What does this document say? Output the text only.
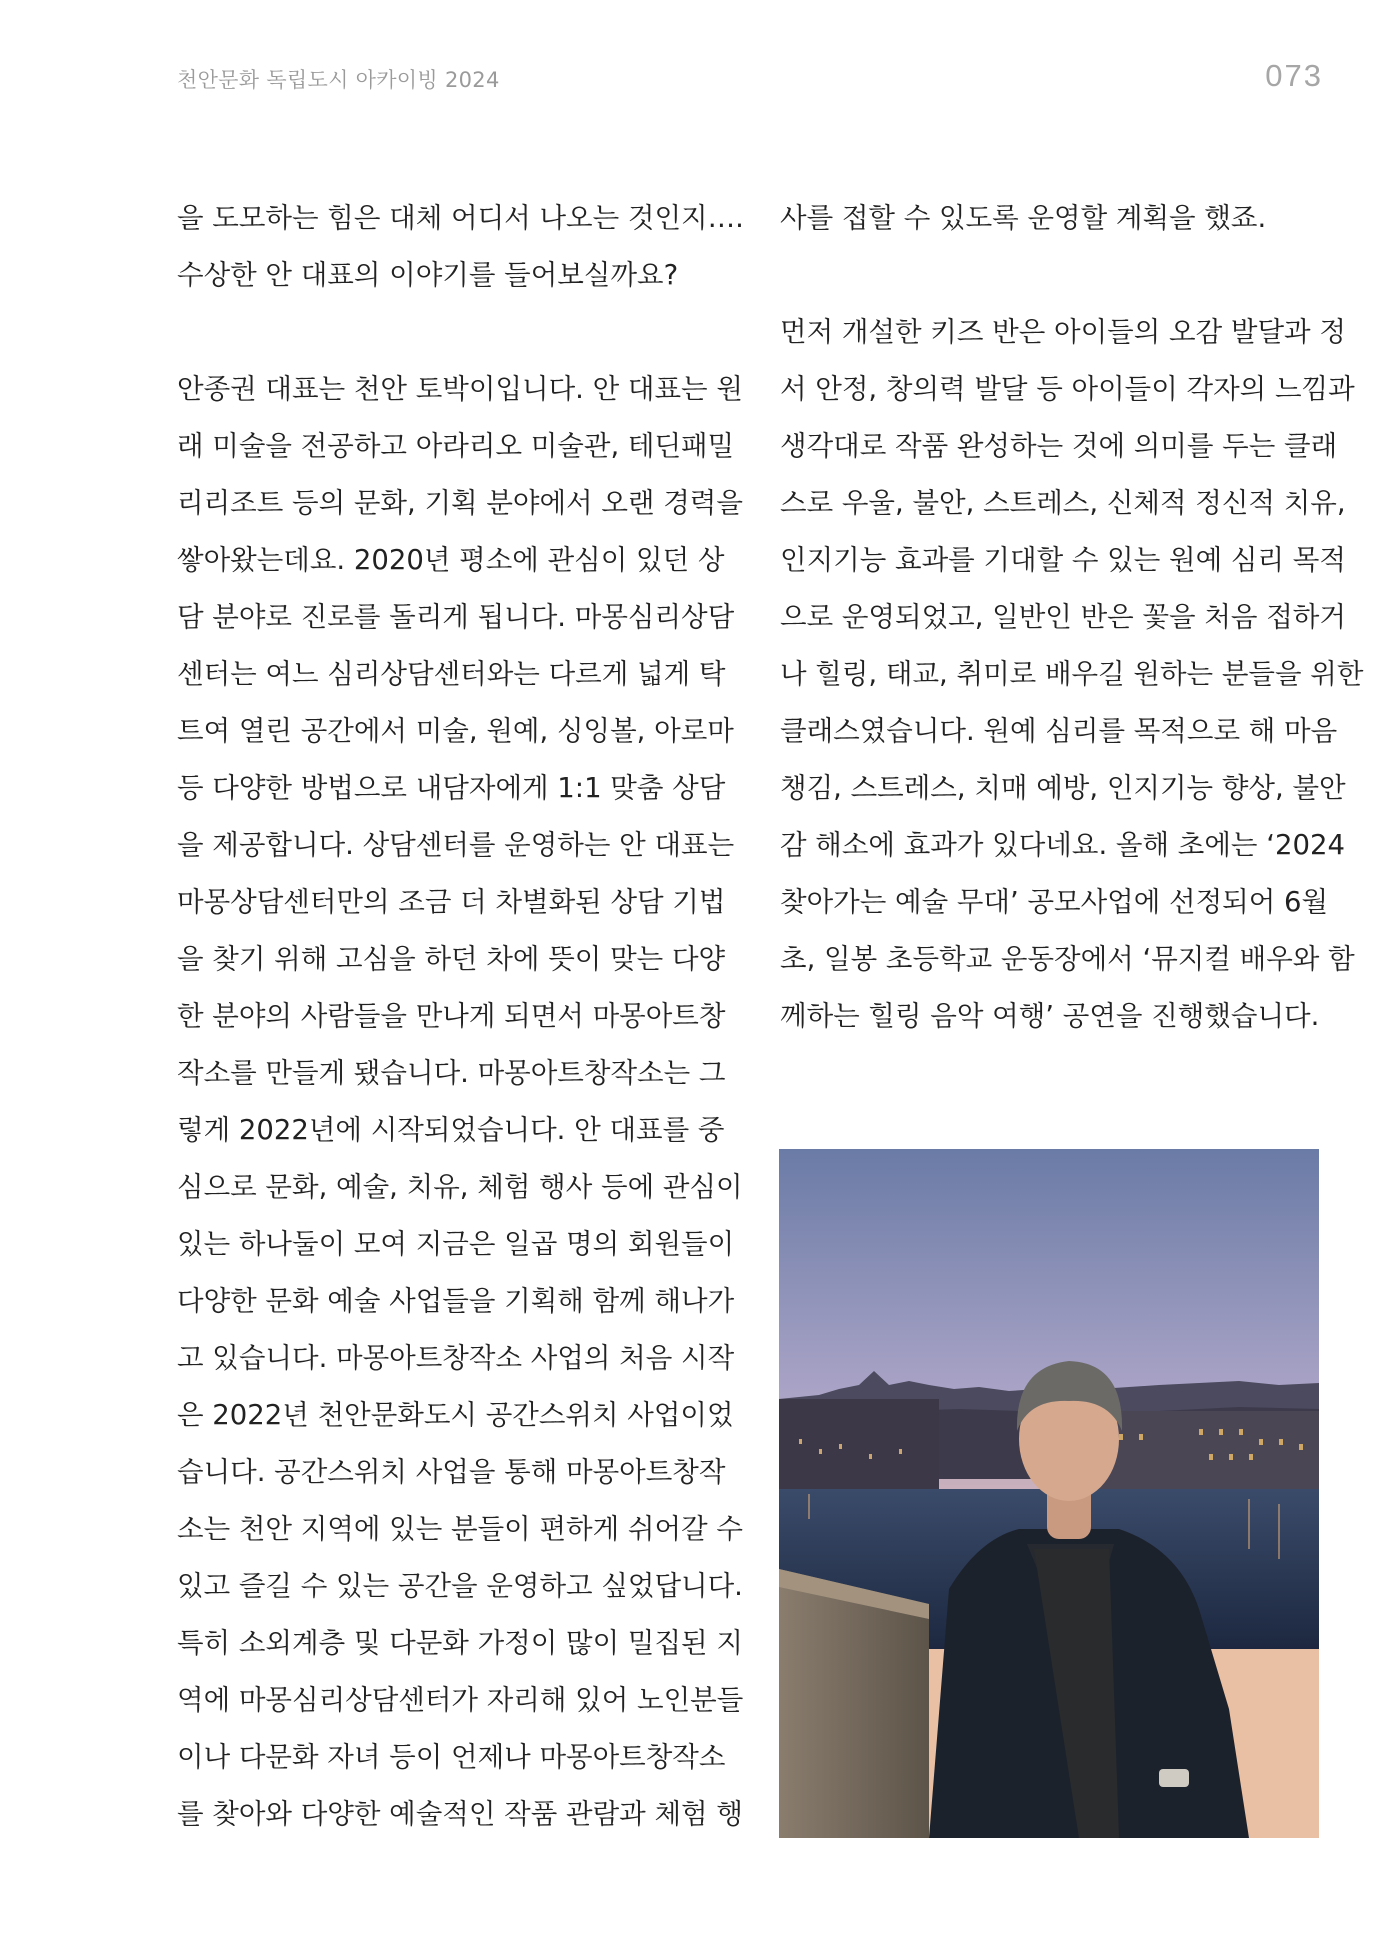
천안문화 독립도시 아카이빙 2024	073
을 도모하는 힘은 대체 어디서 나오는 것인지….
수상한 안 대표의 이야기를 들어보실까요?
안종권 대표는 천안 토박이입니다. 안 대표는 원
래 미술을 전공하고 아라리오 미술관, 테딘패밀
리리조트 등의 문화, 기획 분야에서 오랜 경력을
쌓아왔는데요. 2020년 평소에 관심이 있던 상
담 분야로 진로를 돌리게 됩니다. 마몽심리상담
센터는 여느 심리상담센터와는 다르게 넓게 탁
트여 열린 공간에서 미술, 원예, 싱잉볼, 아로마
등 다양한 방법으로 내담자에게 1:1 맞춤 상담
을 제공합니다. 상담센터를 운영하는 안 대표는
마몽상담센터만의 조금 더 차별화된 상담 기법
을 찾기 위해 고심을 하던 차에 뜻이 맞는 다양
한 분야의 사람들을 만나게 되면서 마몽아트창
작소를 만들게 됐습니다. 마몽아트창작소는 그
렇게 2022년에 시작되었습니다. 안 대표를 중
심으로 문화, 예술, 치유, 체험 행사 등에 관심이
있는 하나둘이 모여 지금은 일곱 명의 회원들이
다양한 문화 예술 사업들을 기획해 함께 해나가
고 있습니다. 마몽아트창작소 사업의 처음 시작
은 2022년 천안문화도시 공간스위치 사업이었
습니다. 공간스위치 사업을 통해 마몽아트창작
소는 천안 지역에 있는 분들이 편하게 쉬어갈 수
있고 즐길 수 있는 공간을 운영하고 싶었답니다.
특히 소외계층 및 다문화 가정이 많이 밀집된 지
역에 마몽심리상담센터가 자리해 있어 노인분들
이나 다문화 자녀 등이 언제나 마몽아트창작소
를 찾아와 다양한 예술적인 작품 관람과 체험 행
사를 접할 수 있도록 운영할 계획을 했죠.
먼저 개설한 키즈 반은 아이들의 오감 발달과 정
서 안정, 창의력 발달 등 아이들이 각자의 느낌과
생각대로 작품 완성하는 것에 의미를 두는 클래
스로 우울, 불안, 스트레스, 신체적 정신적 치유,
인지기능 효과를 기대할 수 있는 원예 심리 목적
으로 운영되었고, 일반인 반은 꽃을 처음 접하거
나 힐링, 태교, 취미로 배우길 원하는 분들을 위한
클래스였습니다. 원예 심리를 목적으로 해 마음
챙김, 스트레스, 치매 예방, 인지기능 향상, 불안
감 해소에 효과가 있다네요. 올해 초에는 ‘2024
찾아가는 예술 무대’ 공모사업에 선정되어 6월
초, 일봉 초등학교 운동장에서 ‘뮤지컬 배우와 함
께하는 힐링 음악 여행’ 공연을 진행했습니다.
